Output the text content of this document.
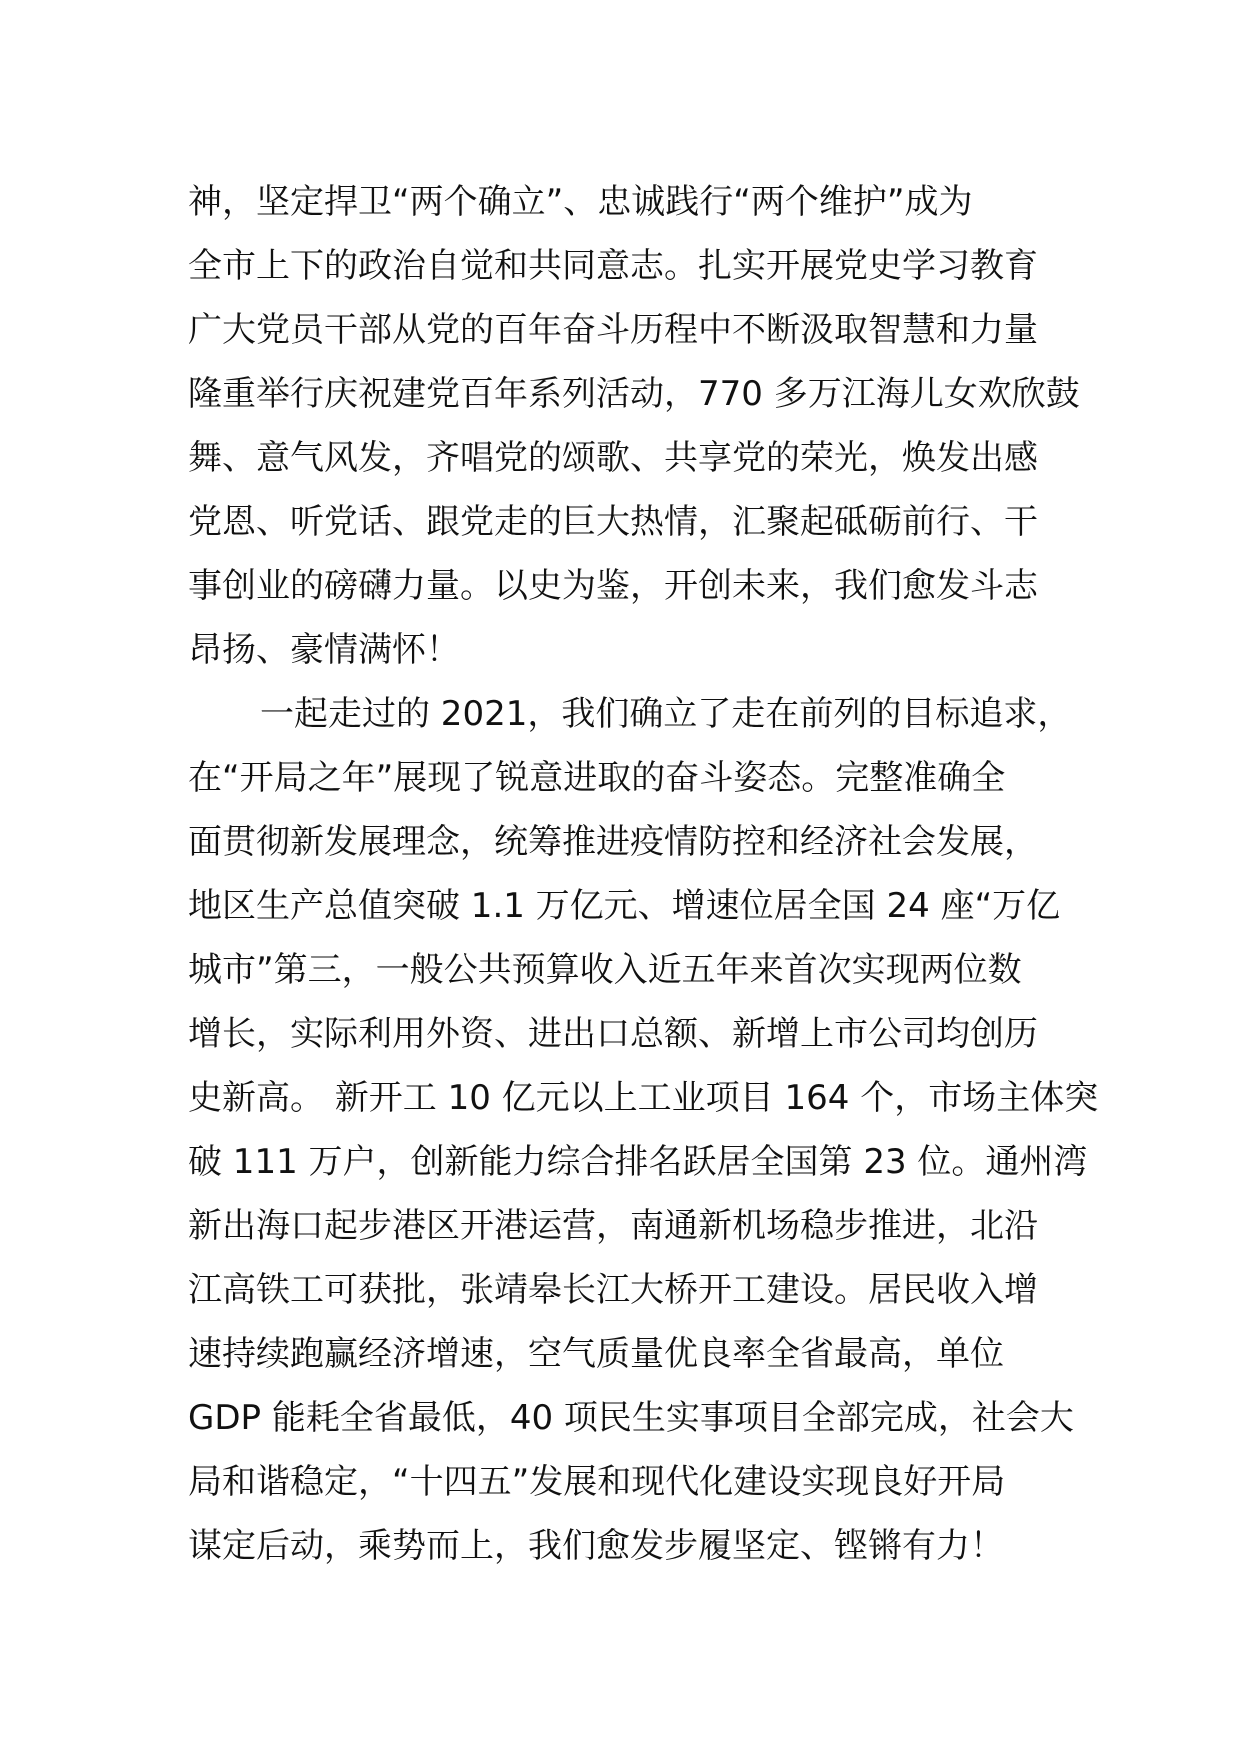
神，坚定捍卫“两个确立”、忠诚践行“两个维护”成为
全市上下的政治自觉和共同意志。扎实开展党史学习教育
广大党员干部从党的百年奋斗历程中不断汲取智慧和力量
隆重举行庆祝建党百年系列活动，770 多万江海儿女欢欣鼓
舞、意气风发，齐唱党的颂歌、共享党的荣光，焕发出感
党恩、听党话、跟党走的巨大热情，汇聚起砥砺前行、干
事创业的磅礴力量。以史为鉴，开创未来，我们愈发斗志
昂扬、豪情满怀！
一起走过的 2021，我们确立了走在前列的目标追求，
在“开局之年”展现了锐意进取的奋斗姿态。完整准确全
面贯彻新发展理念，统筹推进疫情防控和经济社会发展，
地区生产总值突破 1.1 万亿元、增速位居全国 24 座“万亿
城市”第三，一般公共预算收入近五年来首次实现两位数
增长，实际利用外资、进出口总额、新增上市公司均创历
史新高。 新开工 10 亿元以上工业项目 164 个，市场主体突
破 111 万户，创新能力综合排名跃居全国第 23 位。通州湾
新出海口起步港区开港运营，南通新机场稳步推进，北沿
江高铁工可获批，张靖皋长江大桥开工建设。居民收入增
速持续跑赢经济增速，空气质量优良率全省最高，单位
GDP 能耗全省最低，40 项民生实事项目全部完成，社会大
局和谐稳定，“十四五”发展和现代化建设实现良好开局
谋定后动，乘势而上，我们愈发步履坚定、铿锵有力！
